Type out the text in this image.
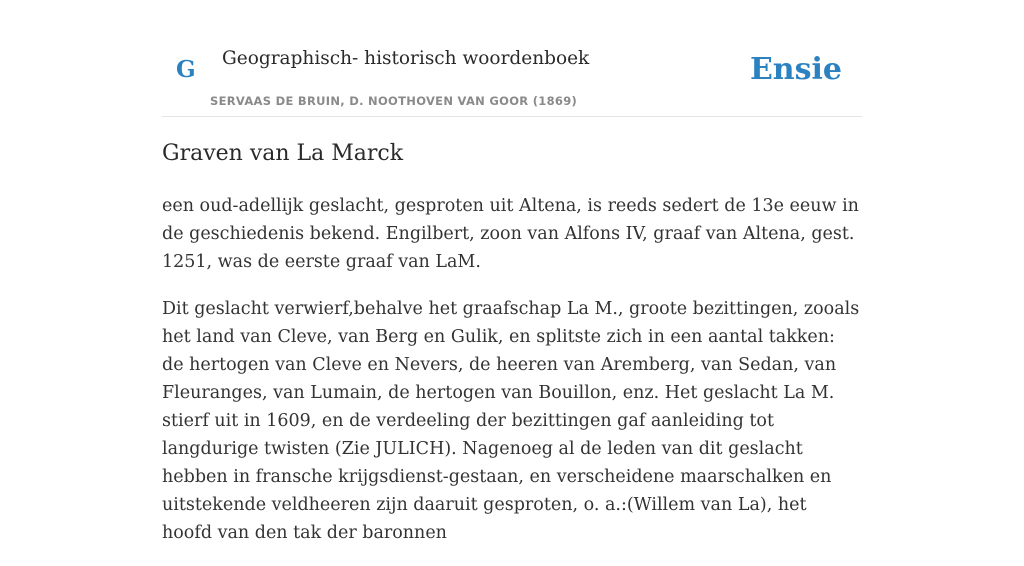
G Geographisch- historisch woordenboek
SERVAAS DE BRUIN, D. NOOTHOVEN VAN GOOR (1869)
Ensie
Graven van La Marck

een oud-adellijk geslacht, gesproten uit Altena, is reeds sedert de 13e eeuw in de geschiedenis bekend. Engilbert, zoon van Alfons IV, graaf van Altena, gest. 1251, was de eerste graaf van LaM.

Dit geslacht verwierf,behalve het graafschap La M., groote bezittingen, zooals het land van Cleve, van Berg en Gulik, en splitste zich in een aantal takken: de hertogen van Cleve en Nevers, de heeren van Aremberg, van Sedan, van Fleuranges, van Lumain, de hertogen van Bouillon, enz. Het geslacht La M. stierf uit in 1609, en de verdeeling der bezittingen gaf aanleiding tot langdurige twisten (Zie JULICH). Nagenoeg al de leden van dit geslacht hebben in fransche krijgsdienst-gestaan, en verscheidene maarschalken en uitstekende veldheeren zijn daaruit gesproten, o. a.:(Willem van La), het hoofd van den tak der baronnen
